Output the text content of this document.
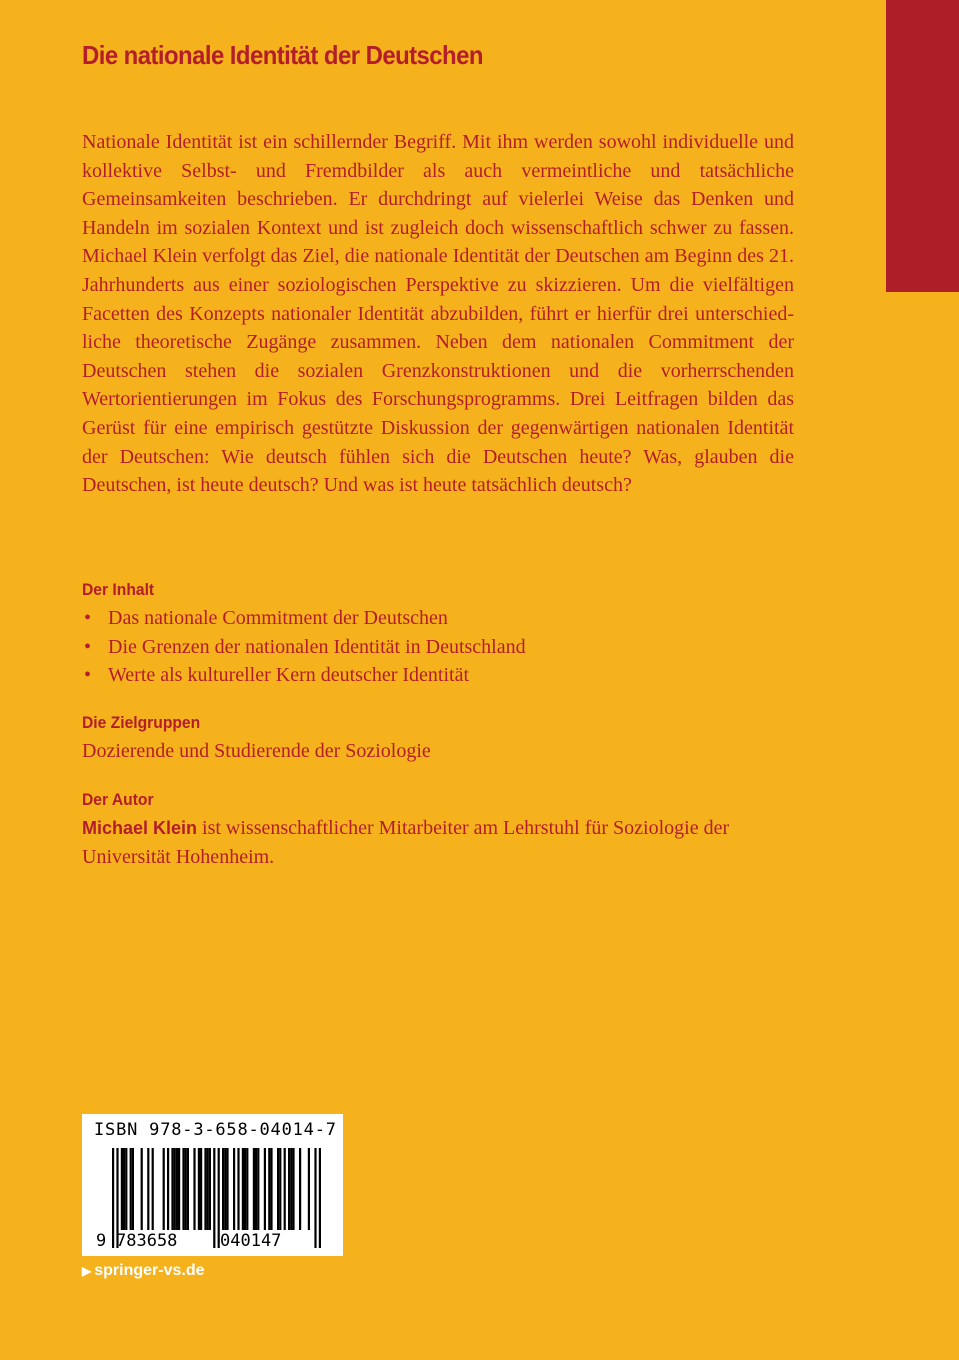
Die nationale Identität der Deutschen

Nationale Identität ist ein schillernder Begriff. Mit ihm werden sowohl individuelle und kollektive Selbst- und Fremdbilder als auch vermeintliche und tatsächliche Gemeinsamkeiten beschrieben. Er durchdringt auf vielerlei Weise das Denken und Handeln im sozialen Kontext und ist zugleich doch wissenschaftlich schwer zu fassen. Michael Klein verfolgt das Ziel, die nationale Identität der Deutschen am Beginn des 21. Jahrhunderts aus einer soziologischen Perspektive zu skizzieren. Um die vielfältigen Facetten des Konzepts nationaler Identität abzubilden, führt er hierfür drei unterschiedliche theoretische Zugänge zusammen. Neben dem nationalen Commitment der Deutschen stehen die sozialen Grenzkonstruktionen und die vorherrschenden Wertorientierungen im Fokus des Forschungsprogramms. Drei Leitfragen bilden das Gerüst für eine empirisch gestützte Diskussion der gegenwärtigen nationalen Identität der Deutschen: Wie deutsch fühlen sich die Deutschen heute? Was, glauben die Deutschen, ist heute deutsch? Und was ist heute tatsächlich deutsch?

Der Inhalt
• Das nationale Commitment der Deutschen
• Die Grenzen der nationalen Identität in Deutschland
• Werte als kultureller Kern deutscher Identität
Die Zielgruppen
Dozierende und Studierende der Soziologie
Der Autor
Michael Klein ist wissenschaftlicher Mitarbeiter am Lehrstuhl für Soziologie der Universität Hohenheim.
9 783658	040147
ISBN 978-3-658-04014-7
▶ springer-vs.de
